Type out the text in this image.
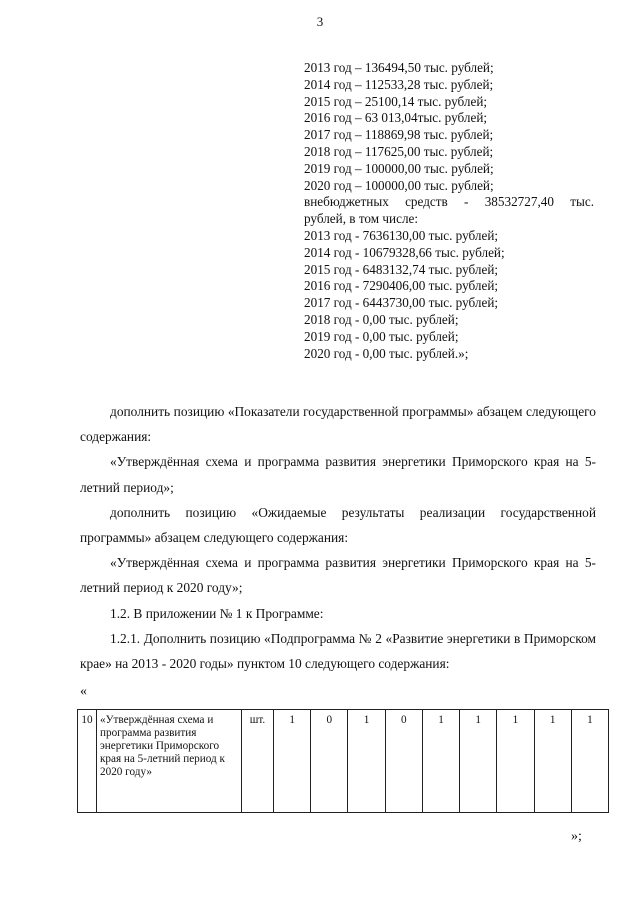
3
2013 год – 136494,50 тыс. рублей;
2014 год – 112533,28 тыс. рублей;
2015 год – 25100,14 тыс. рублей;
2016 год – 63 013,04тыс. рублей;
2017 год – 118869,98 тыс. рублей;
2018 год – 117625,00 тыс. рублей;
2019 год – 100000,00 тыс. рублей;
2020 год – 100000,00 тыс. рублей;
внебюджетных средств - 38532727,40 тыс.
рублей, в том числе:
2013 год - 7636130,00 тыс. рублей;
2014 год - 10679328,66 тыс. рублей;
2015 год - 6483132,74 тыс. рублей;
2016 год - 7290406,00 тыс. рублей;
2017 год - 6443730,00 тыс. рублей;
2018 год - 0,00 тыс. рублей;
2019 год - 0,00 тыс. рублей;
2020 год - 0,00 тыс. рублей.»;

дополнить позицию «Показатели государственной программы» абзацем следующего содержания:

«Утверждённая схема и программа развития энергетики Приморского края на 5-летний период»;

дополнить позицию «Ожидаемые результаты реализации государственной программы» абзацем следующего содержания:

«Утверждённая схема и программа развития энергетики Приморского края на 5-летний период к 2020 году»;

1.2. В приложении № 1 к Программе:

1.2.1. Дополнить позицию «Подпрограмма № 2 «Развитие энергетики в Приморском крае» на 2013 - 2020 годы» пунктом 10 следующего содержания:

«
10	«Утверждённая схема и программа развития энергетики Приморского края на 5-летний период к 2020 году»	шт.	1	0	1	0	1	1	1	1	1
»;
